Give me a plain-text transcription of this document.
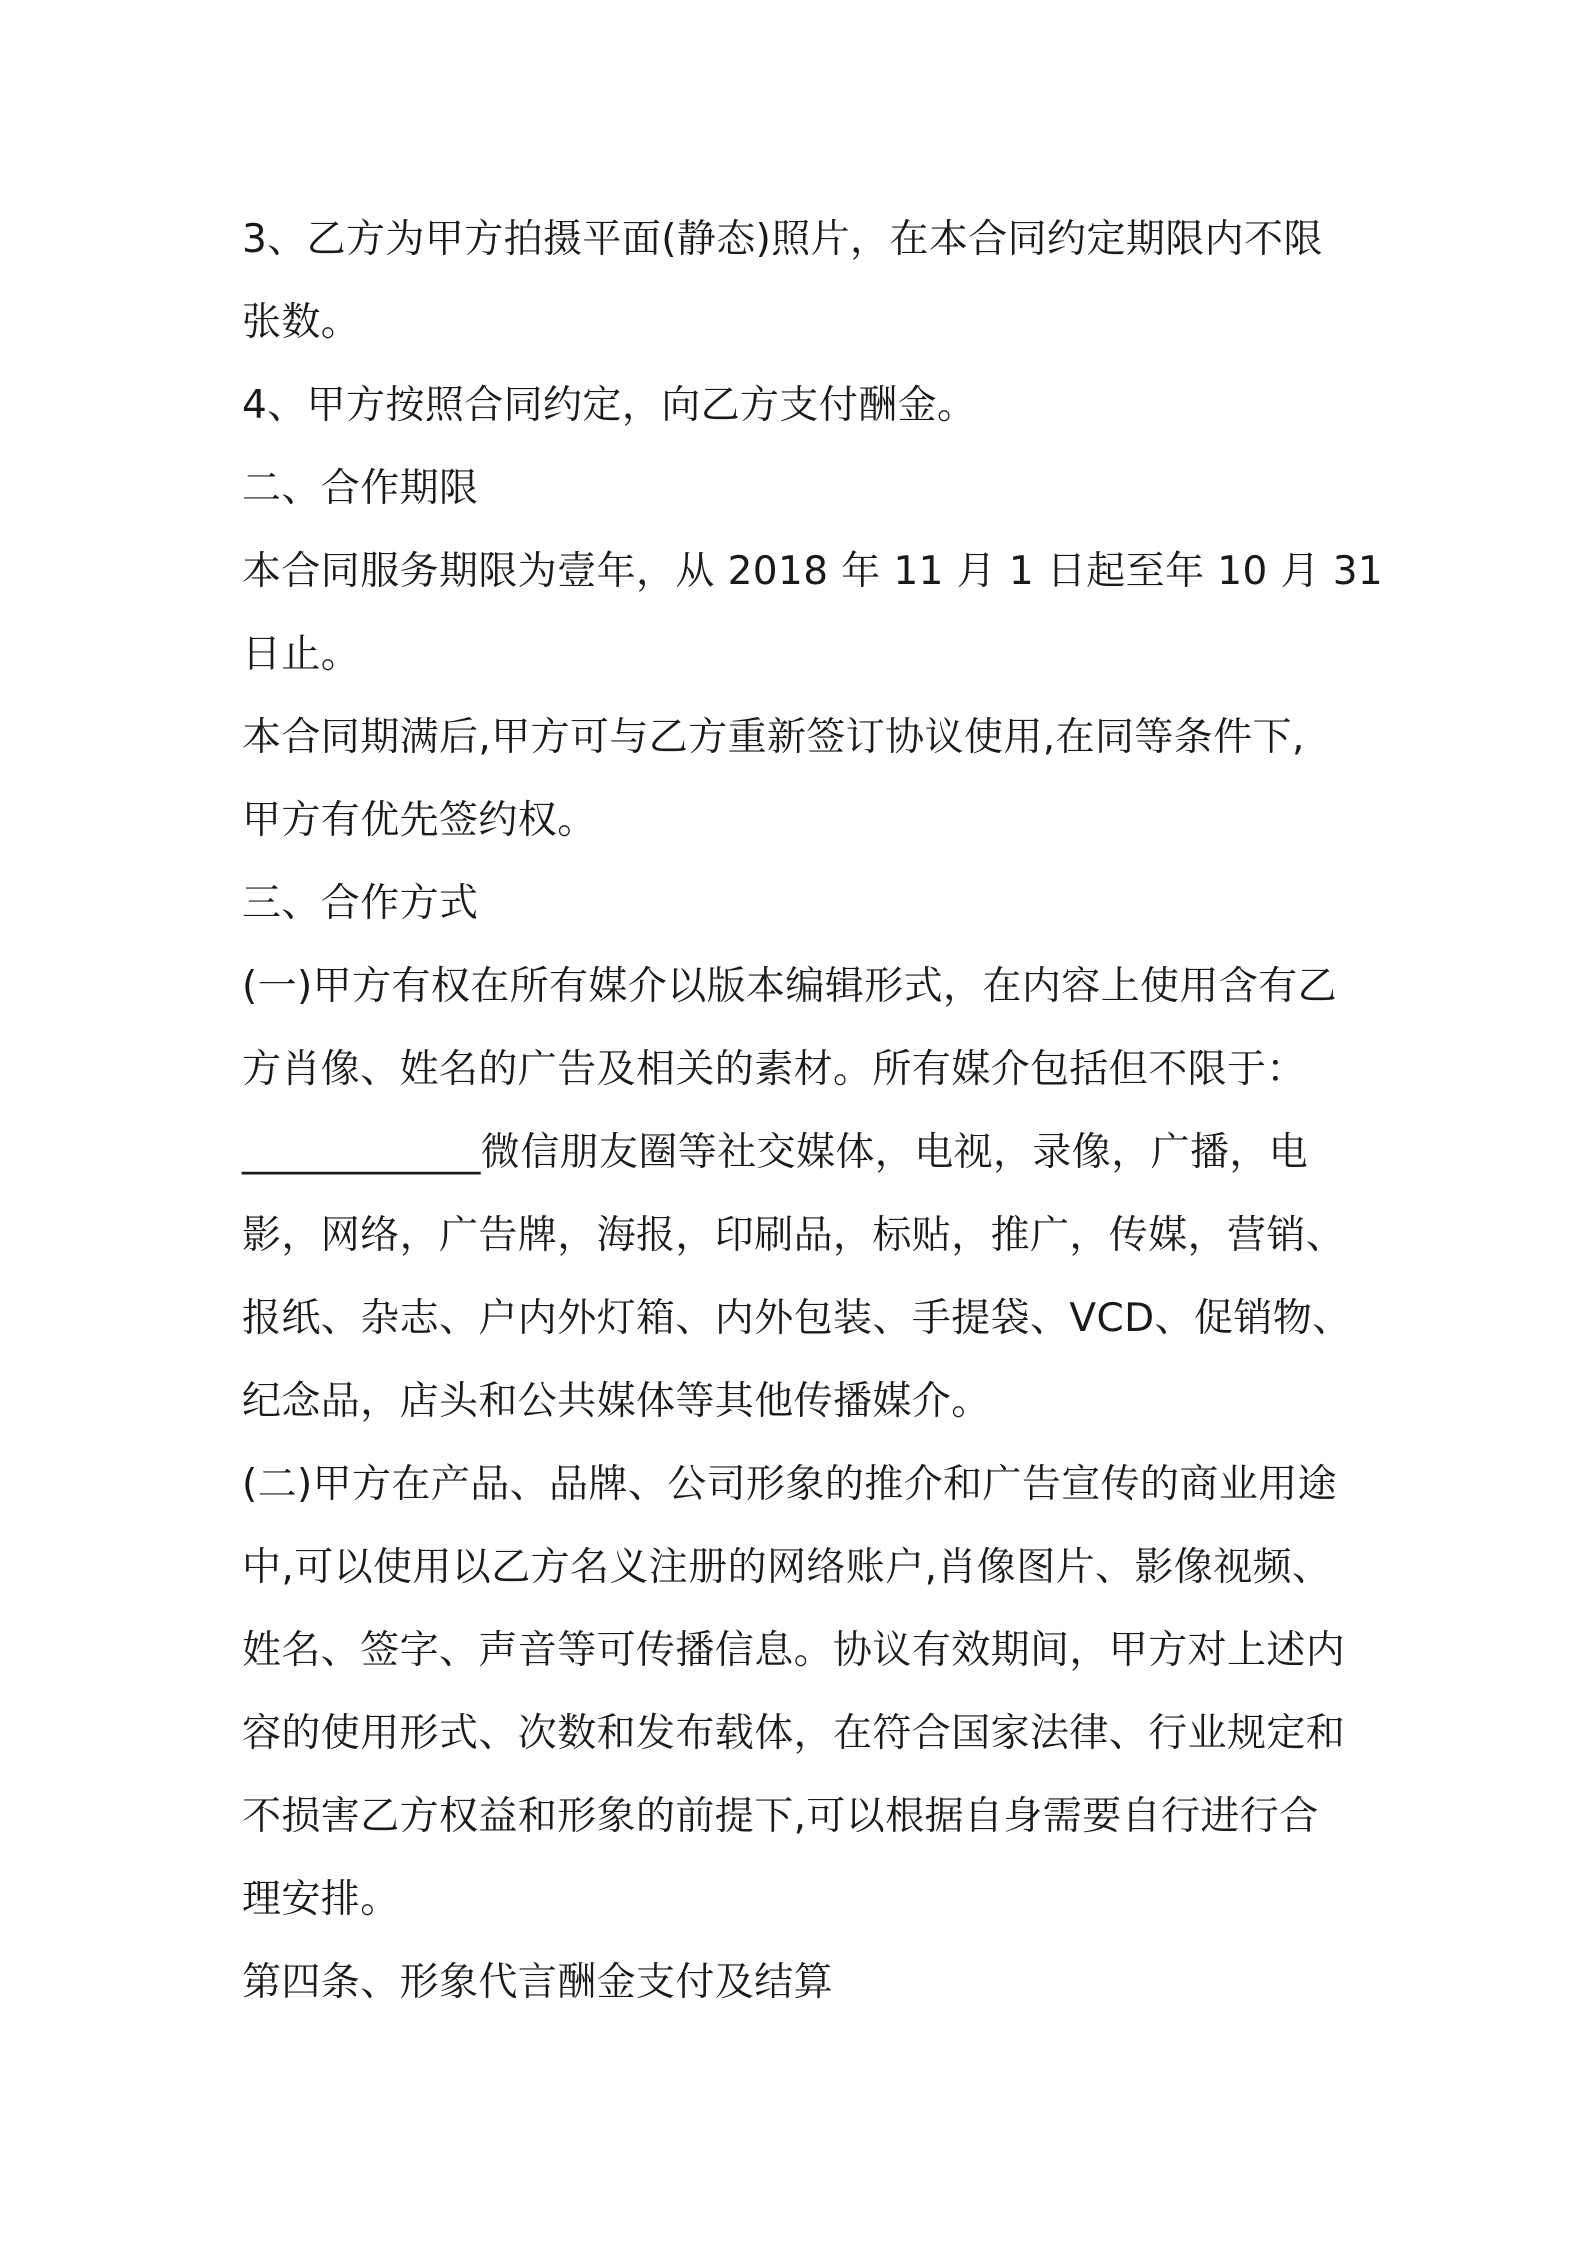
3、乙方为甲方拍摄平面(静态)照片，在本合同约定期限内不限
张数。
4、甲方按照合同约定，向乙方支付酬金。
二、合作期限
本合同服务期限为壹年，从 2018 年 11 月 1 日起至年 10 月 31
日止。
本合同期满后,甲方可与乙方重新签订协议使用,在同等条件下,
甲方有优先签约权。
三、合作方式
(一)甲方有权在所有媒介以版本编辑形式，在内容上使用含有乙
方肖像、姓名的广告及相关的素材。所有媒介包括但不限于：
____________微信朋友圈等社交媒体，电视，录像，广播，电
影，网络，广告牌，海报，印刷品，标贴，推广，传媒，营销、
报纸、杂志、户内外灯箱、内外包装、手提袋、VCD、促销物、
纪念品，店头和公共媒体等其他传播媒介。
(二)甲方在产品、品牌、公司形象的推介和广告宣传的商业用途
中,可以使用以乙方名义注册的网络账户,肖像图片、影像视频、
姓名、签字、声音等可传播信息。协议有效期间，甲方对上述内
容的使用形式、次数和发布载体，在符合国家法律、行业规定和
不损害乙方权益和形象的前提下,可以根据自身需要自行进行合
理安排。
第四条、形象代言酬金支付及结算
